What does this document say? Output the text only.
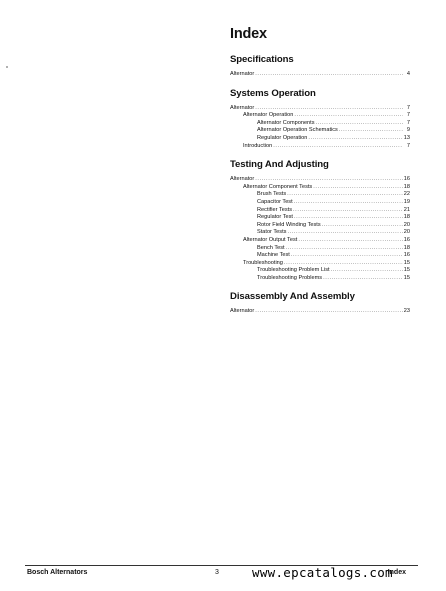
Index
Specifications
Alternator .....	4
Systems Operation
Alternator .....	7
Alternator Operation .....	7
Alternator Components .....	7
Alternator Operation Schematics .....	9
Regulator Operation .....	13
Introduction .....	7
Testing And Adjusting
Alternator .....	16
Alternator Component Tests .....	18
Brush Tests .....	22
Capacitor Test .....	19
Rectifier Tests .....	21
Regulator Test .....	18
Rotor Field Winding Tests .....	20
Stator Tests .....	20
Alternator Output Test .....	16
Bench Test .....	18
Machine Test .....	16
Troubleshooting .....	15
Troubleshooting Problem List .....	15
Troubleshooting Problems .....	15
Disassembly And Assembly
Alternator .....	23
Bosch Alternators	3	Index
www.epcatalogs.com
